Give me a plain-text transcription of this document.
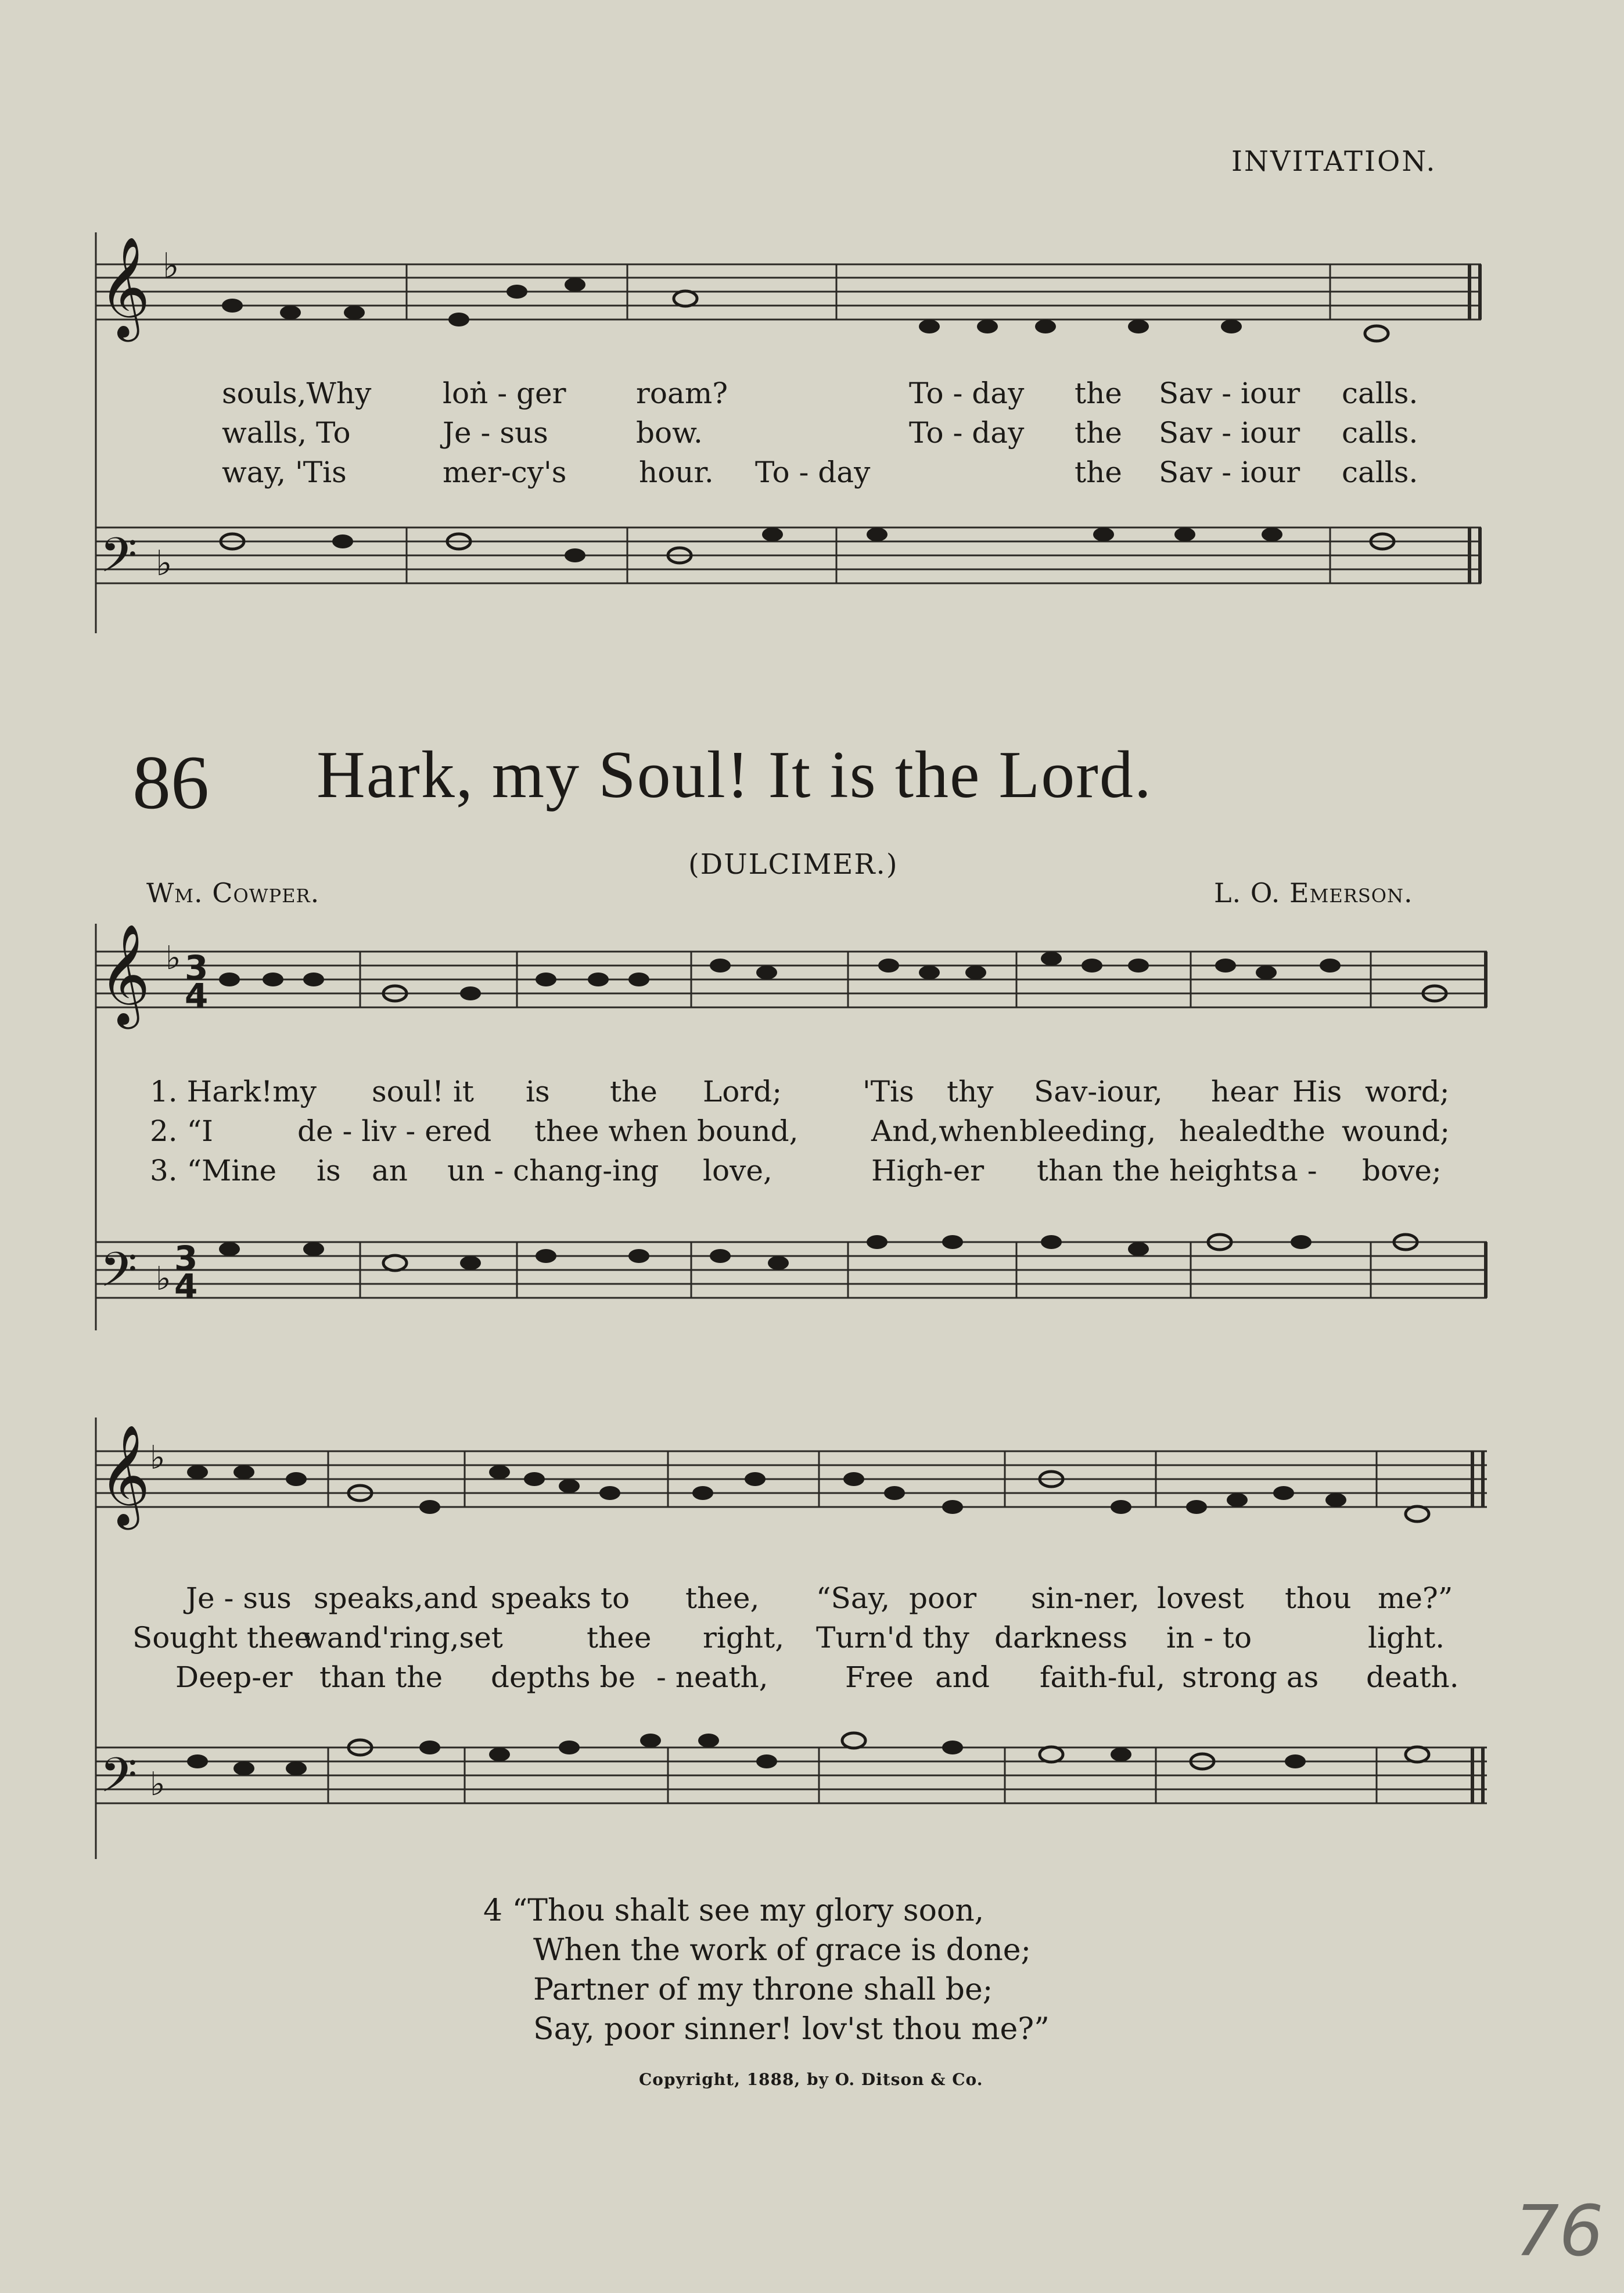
𝄞
𝄢
𝄞
𝄢
𝄞
𝄢
♭
♭
♭
♭
♭
♭
3
4
3
4
INVITATION.
souls,Why loṅ - ger roam?	To - day the Sav - iour calls.
walls, To	Je - sus	bow.	To - day the Sav - iour calls.
way, 'Tis	mer-cy's hour. To - day	the Sav - iour calls.
86 Hark, my Soul! It is the Lord.
(DULCIMER.)
Wm. Cowper.	L. O. Emerson.
1. Hark!my soul! it is the Lord;	'Tis thy Sav-iour, hear His word;
2. “I	de - liv - ered thee when bound,	And,when bleeding, healed the wound;
3. “Mine is an un - chang-ing love,	High-er than the heights a - bove;
Je - sus speaks,and speaks to thee, “Say, poor sin-ner, lovest thou me?”
Sought thee
wand'ring,set	thee right, Turn'd thy darkness in - to	light.
Deep-er than the depths be - neath,	Free and faith-ful, strong as death.
4 “Thou shalt see my glory soon,
When the work of grace is done;
Partner of my throne shall be;
Say, poor sinner! lov'st thou me?”
Copyright, 1888, by O. Ditson & Co.
76
